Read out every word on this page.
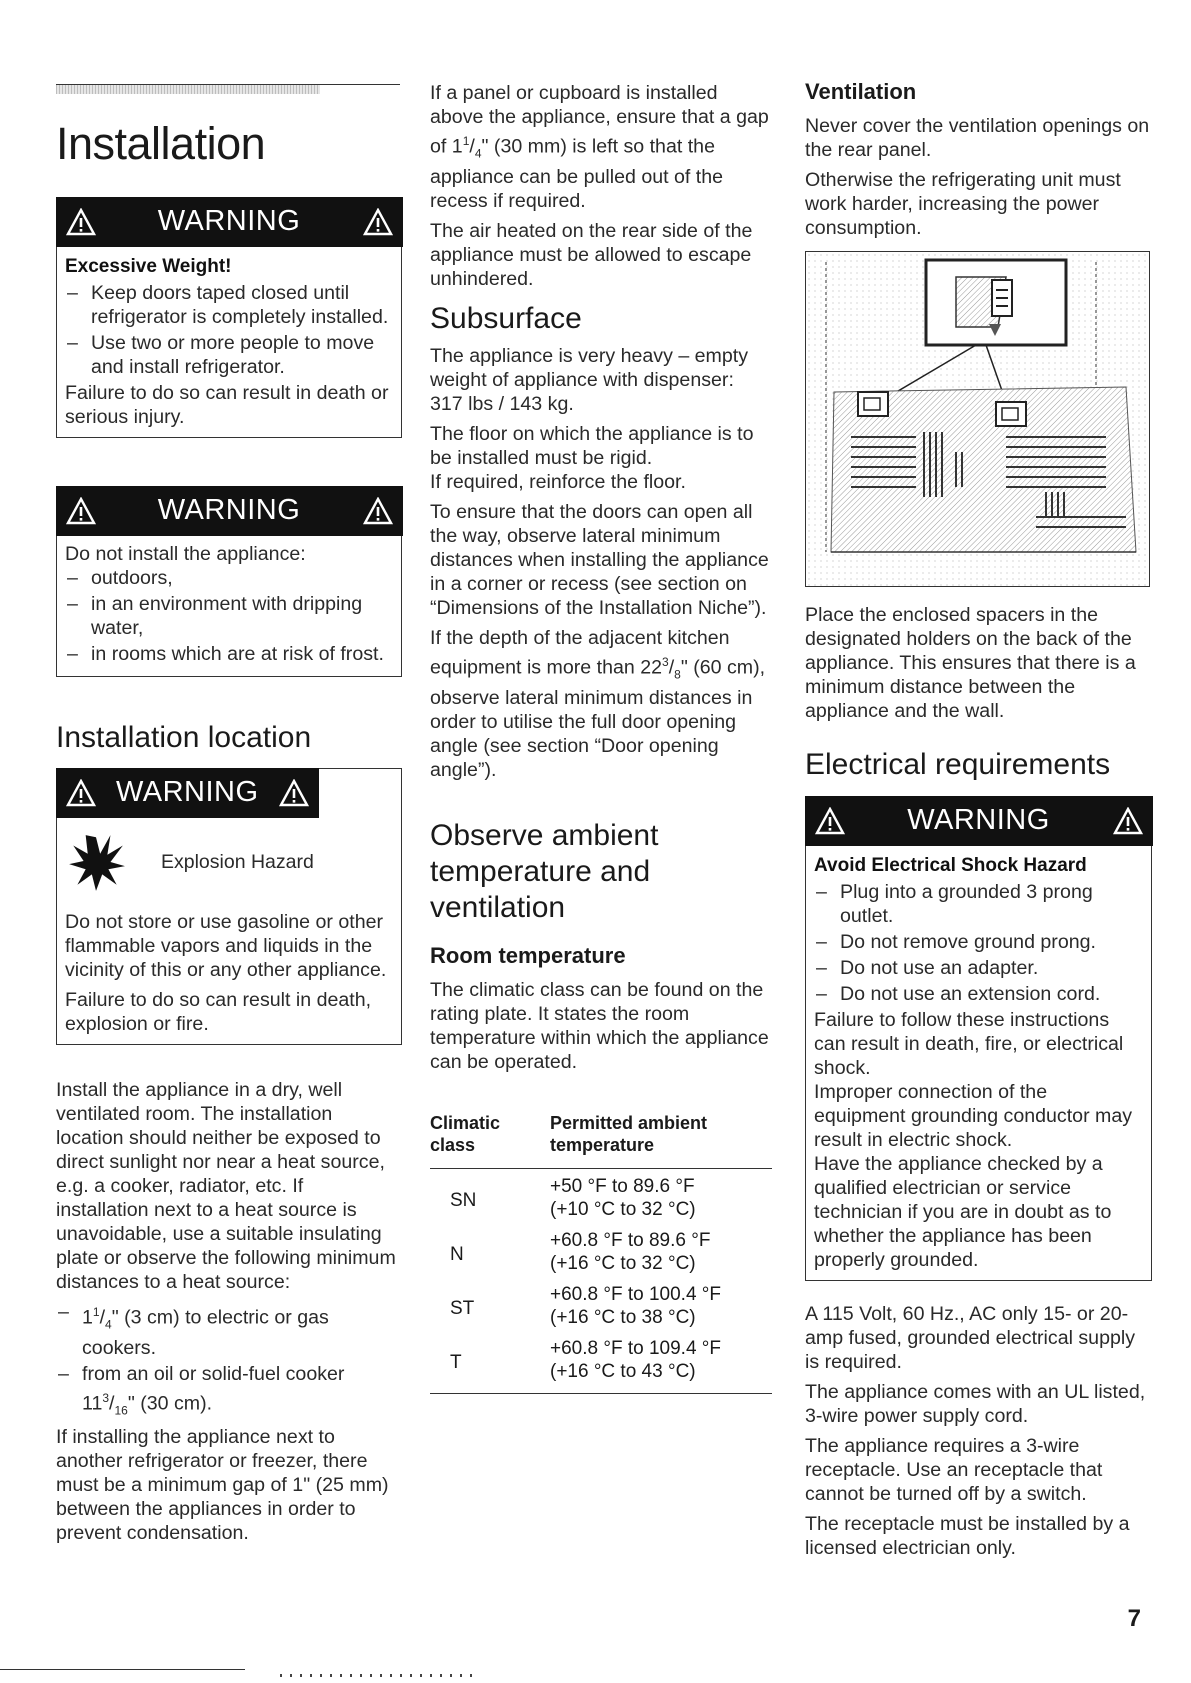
Installation
WARNING
Excessive Weight!
– Keep doors taped closed until refrigerator is completely installed.
– Use two or more people to move and install refrigerator.
Failure to do so can result in death or serious injury.
WARNING
Do not install the appliance:
– outdoors,
– in an environment with dripping water,
– in rooms which are at risk of frost.
Installation location
WARNING
Explosion Hazard

Do not store or use gasoline or other flammable vapors and liquids in the vicinity of this or any other appliance.

Failure to do so can result in death, explosion or fire.

Install the appliance in a dry, well ventilated room. The installation location should neither be exposed to direct sunlight nor near a heat source, e.g. a cooker, radiator, etc. If installation next to a heat source is unavoidable, use a suitable insulating plate or observe the following minimum distances to a heat source:

– $1^1/_4$" (3 cm) to electric or gas cookers.
– from an oil or solid-fuel cooker $11^3/_{16}$" (30 cm).

If installing the appliance next to another refrigerator or freezer, there must be a minimum gap of 1" (25 mm) between the appliances in order to prevent condensation.

If a panel or cupboard is installed above the appliance, ensure that a gap of $1^1/_4$" (30 mm) is left so that the appliance can be pulled out of the recess if required.

The air heated on the rear side of the appliance must be allowed to escape unhindered.

Subsurface

The appliance is very heavy – empty weight of appliance with dispenser: 317 lbs / 143 kg.

The floor on which the appliance is to be installed must be rigid.

If required, reinforce the floor.

To ensure that the doors can open all the way, observe lateral minimum distances when installing the appliance in a corner or recess (see section on “Dimensions of the Installation Niche”).

If the depth of the adjacent kitchen equipment is more than $22^3/_8$" (60 cm), observe lateral minimum distances in order to utilise the full door opening angle (see section “Door opening angle”).

Observe ambient temperature and ventilation
Room temperature

The climatic class can be found on the rating plate. It states the room temperature within which the appliance can be operated.

Climatic class	Permitted ambient temperature
SN	+50 °F to 89.6 °F
(+10 °C to 32 °C)

N	+60.8 °F to 89.6 °F
(+16 °C to 32 °C)

ST	+60.8 °F to 100.4 °F
(+16 °C to 38 °C)

T	+60.8 °F to 109.4 °F
(+16 °C to 43 °C)
Ventilation

Never cover the ventilation openings on the rear panel.

Otherwise the refrigerating unit must work harder, increasing the power consumption.

Place the enclosed spacers in the designated holders on the back of the appliance. This ensures that there is a minimum distance between the appliance and the wall.

Electrical requirements
WARNING
Avoid Electrical Shock Hazard
– Plug into a grounded 3 prong outlet.
– Do not remove ground prong.
– Do not use an adapter.
– Do not use an extension cord.
Failure to follow these instructions can result in death, fire, or electrical shock.
Improper connection of the equipment grounding conductor may result in electric shock.
Have the appliance checked by a qualified electrician or service technician if you are in doubt as to whether the appliance has been properly grounded.

A 115 Volt, 60 Hz., AC only 15- or 20-amp fused, grounded electrical supply is required.

The appliance comes with an UL listed, 3-wire power supply cord.

The appliance requires a 3-wire receptacle. Use an receptacle that cannot be turned off by a switch.

The receptacle must be installed by a licensed electrician only.

7
